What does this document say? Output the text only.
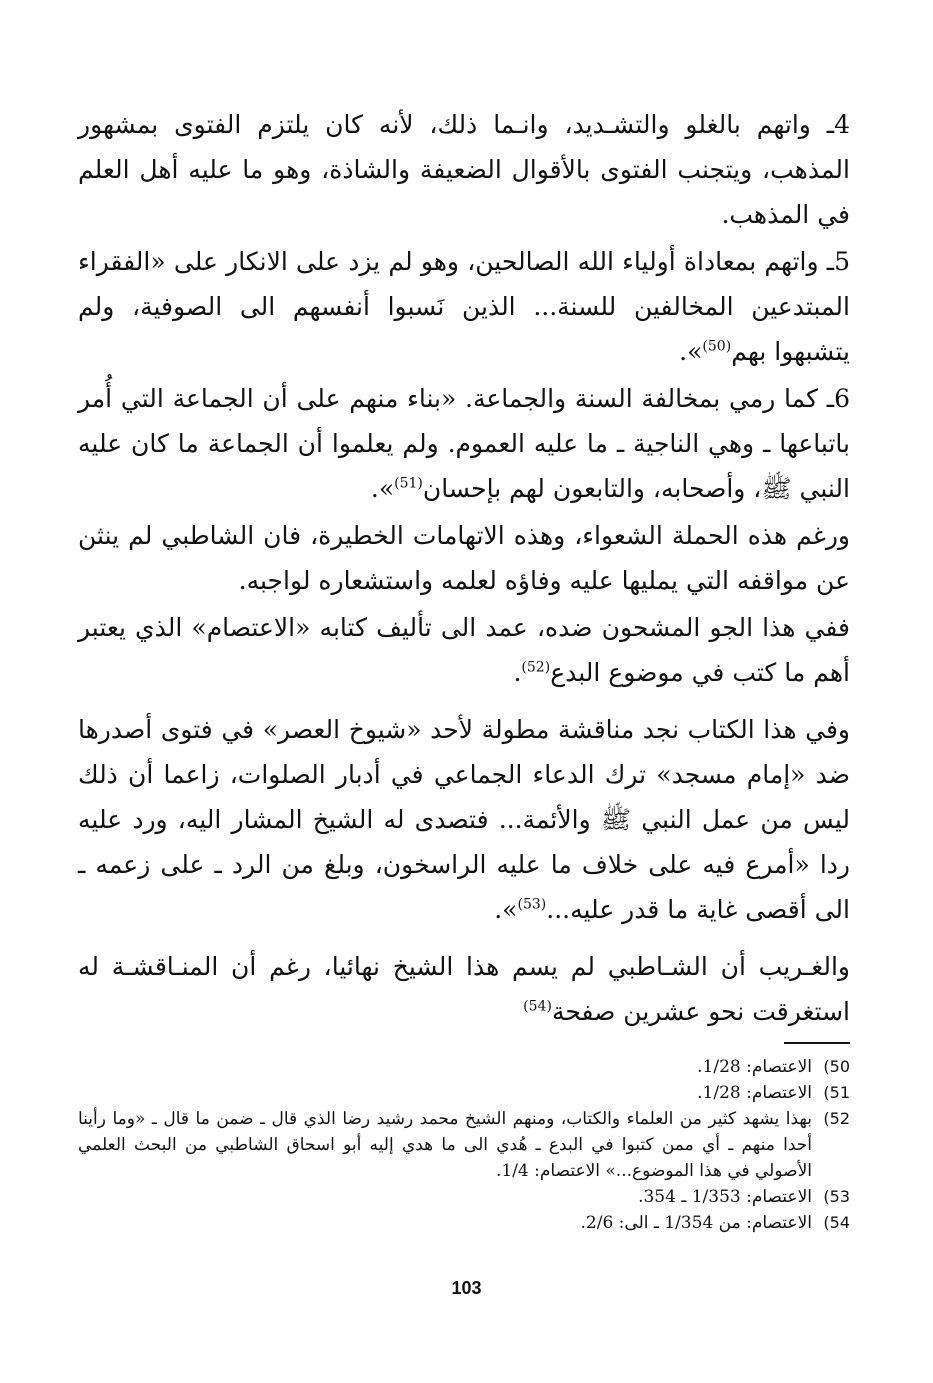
4ـ واتهم بالغلو والتشـديد، وانـما ذلك، لأنه كان يلتزم الفتوى بمشهور المذهب، ويتجنب الفتوى بالأقوال الضعيفة والشاذة، وهو ما عليه أهل العلم في المذهب.

5ـ واتهم بمعاداة أولياء الله الصالحين، وهو لم يزد على الانكار على «الفقراء المبتدعين المخالفين للسنة... الذين نَسبوا أنفسهم الى الصوفية، ولم يتشبهوا بهم$^{(50)}$».

6ـ كما رمي بمخالفة السنة والجماعة. «بناء منهم على أن الجماعة التي أُمر باتباعها ـ وهي الناجية ـ ما عليه العموم. ولم يعلموا أن الجماعة ما كان عليه النبي ﷺ، وأصحابه، والتابعون لهم بإحسان$^{(51)}$».

ورغم هذه الحملة الشعواء، وهذه الاتهامات الخطيرة، فان الشاطبي لم ينثن عن مواقفه التي يمليها عليه وفاؤه لعلمه واستشعاره لواجبه.

ففي هذا الجو المشحون ضده، عمد الى تأليف كتابه «الاعتصام» الذي يعتبر أهم ما كتب في موضوع البدع$^{(52)}$.

وفي هذا الكتاب نجد مناقشة مطولة لأحد «شيوخ العصر» في فتوى أصدرها ضد «إمام مسجد» ترك الدعاء الجماعي في أدبار الصلوات، زاعما أن ذلك ليس من عمل النبي ﷺ والأئمة... فتصدى له الشيخ المشار اليه، ورد عليه ردا «أمرع فيه على خلاف ما عليه الراسخون، وبلغ من الرد ـ على زعمه ـ الى أقصى غاية ما قدر عليه...$^{(53)}$».

والغـريب أن الشـاطبي لم يسم هذا الشيخ نهائيا، رغم أن المنـاقشـة له استغرقت نحو عشرين صفحة$^{(54)}$

50)
الاعتصام: 1/28.
51)
الاعتصام: 1/28.
52)
بهذا يشهد كثير من العلماء والكتاب، ومنهم الشيخ محمد رشيد رضا الذي قال ـ ضمن ما قال ـ «وما رأينا أحدا منهم ـ أي ممن كتبوا في البدع ـ هُدي الى ما هدي إليه أبو اسحاق الشاطبي من البحث العلمي الأصولي في هذا الموضوع...» الاعتصام: 1/4.
53)
الاعتصام: 1/353 ـ 354.
54)
الاعتصام: من 1/354 ـ الى: 2/6.
103
